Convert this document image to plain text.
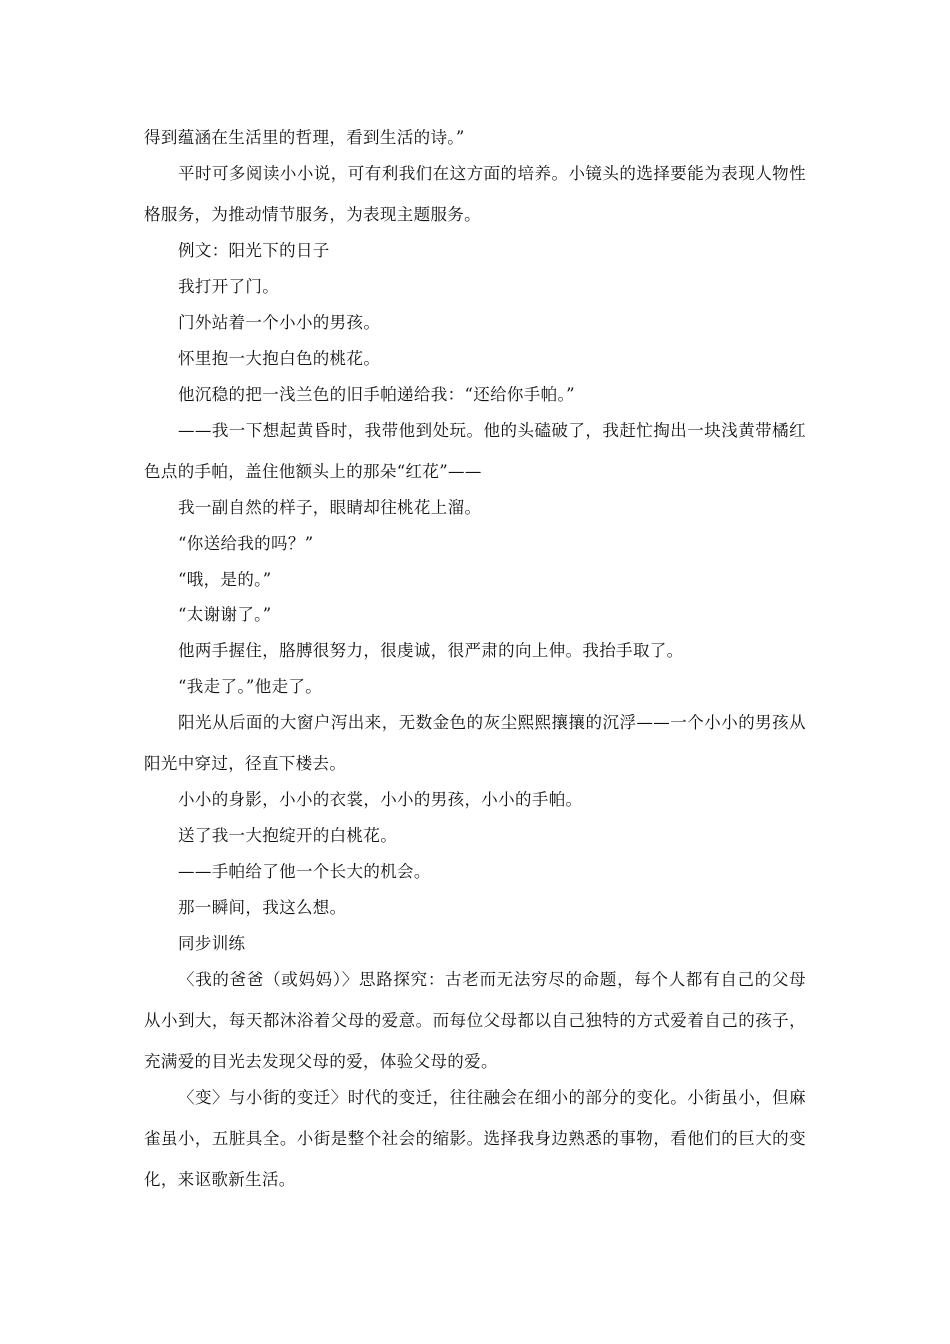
得到蕴涵在生活里的哲理，看到生活的诗。”
平时可多阅读小小说，可有利我们在这方面的培养。小镜头的选择要能为表现人物性
格服务，为推动情节服务，为表现主题服务。
例文：阳光下的日子
我打开了门。
门外站着一个小小的男孩。
怀里抱一大抱白色的桃花。
他沉稳的把一浅兰色的旧手帕递给我：“还给你手帕。”
——我一下想起黄昏时，我带他到处玩。他的头磕破了，我赶忙掏出一块浅黄带橘红
色点的手帕，盖住他额头上的那朵“红花”——
我一副自然的样子，眼睛却往桃花上溜。
“你送给我的吗？”
“哦，是的。”
“太谢谢了。”
他两手握住，胳膊很努力，很虔诚，很严肃的向上伸。我抬手取了。
“我走了。”他走了。
阳光从后面的大窗户泻出来，无数金色的灰尘熙熙攘攘的沉浮——一个小小的男孩从
阳光中穿过，径直下楼去。
小小的身影，小小的衣裳，小小的男孩，小小的手帕。
送了我一大抱绽开的白桃花。
——手帕给了他一个长大的机会。
那一瞬间，我这么想。
同步训练
〈我的爸爸（或妈妈）〉思路探究：古老而无法穷尽的命题，每个人都有自己的父母
从小到大，每天都沐浴着父母的爱意。而每位父母都以自己独特的方式爱着自己的孩子，
充满爱的目光去发现父母的爱，体验父母的爱。
〈变〉与小街的变迁〉时代的变迁，往往融会在细小的部分的变化。小街虽小，但麻
雀虽小，五脏具全。小街是整个社会的缩影。选择我身边熟悉的事物，看他们的巨大的变
化，来讴歌新生活。
